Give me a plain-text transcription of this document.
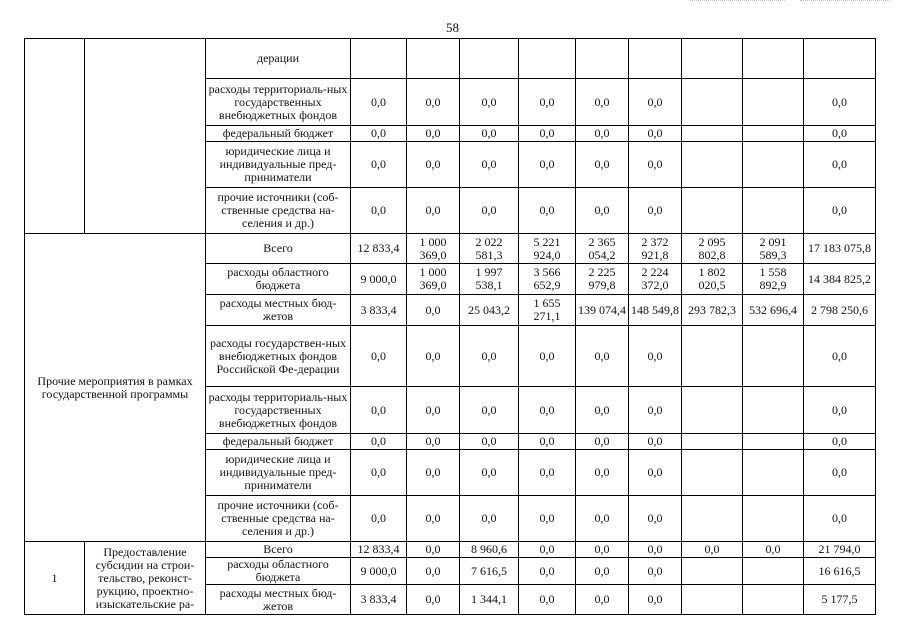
58
		дерации									
		расходы территориаль-ных государственных внебюджетных фондов	0,0	0,0	0,0	0,0	0,0	0,0			0,0
		федеральный бюджет	0,0	0,0	0,0	0,0	0,0	0,0			0,0
		юридические лица и индивидуальные пред-приниматели	0,0	0,0	0,0	0,0	0,0	0,0			0,0
		прочие источники (соб-ственные средства на-селения и др.)	0,0	0,0	0,0	0,0	0,0	0,0			0,0
Прочие мероприятия в рамках государственной программы		Всего	12 833,4	1 000 369,0	2 022 581,3	5 221 924,0	2 365 054,2	2 372 921,8	2 095 802,8	2 091 589,3	17 183 075,8
		расходы областного бюджета	9 000,0	1 000 369,0	1 997 538,1	3 566 652,9	2 225 979,8	2 224 372,0	1 802 020,5	1 558 892,9	14 384 825,2
		расходы местных бюд-жетов	3 833,4	0,0	25 043,2	1 655 271,1	139 074,4	148 549,8	293 782,3	532 696,4	2 798 250,6
		расходы государствен-ных внебюджетных фондов Российской Фе-дерации	0,0	0,0	0,0	0,0	0,0	0,0			0,0
		расходы территориаль-ных государственных внебюджетных фондов	0,0	0,0	0,0	0,0	0,0	0,0			0,0
		федеральный бюджет	0,0	0,0	0,0	0,0	0,0	0,0			0,0
		юридические лица и индивидуальные пред-приниматели	0,0	0,0	0,0	0,0	0,0	0,0			0,0
		прочие источники (соб-ственные средства на-селения и др.)	0,0	0,0	0,0	0,0	0,0	0,0			0,0
1	Предоставление субсидии на строи-тельство, реконст-рукцию, проектно-изыскательские ра-	Всего	12 833,4	0,0	8 960,6	0,0	0,0	0,0	0,0	0,0	21 794,0
		расходы областного бюджета	9 000,0	0,0	7 616,5	0,0	0,0	0,0			16 616,5
		расходы местных бюд-жетов	3 833,4	0,0	1 344,1	0,0	0,0	0,0			5 177,5
